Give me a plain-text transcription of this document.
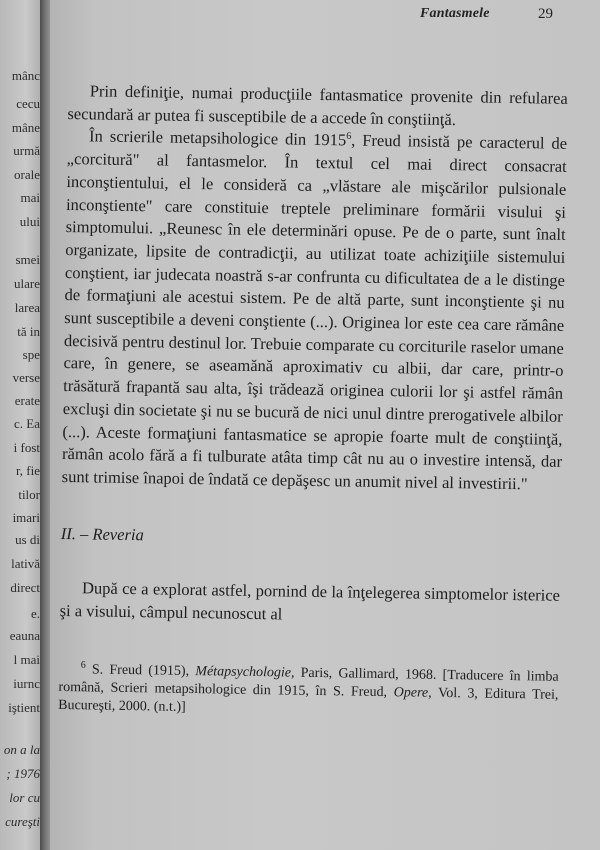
mânc
cecu
mâne
urmă
orale
mai
ului
smei
ulare
larea
tă in
spe
verse
erate
c. Ea
i fost
r, fie
tilor
imari
us di
lativă
direct
e.
eauna
l mai
iurnc
iştient
on a la
; 1976
lor cu
cureşti
Fantasmele	29

Prin definiţie, numai producţiile fantasmatice provenite din refularea secundară ar putea fi susceptibile de a accede în conştiinţă.

În scrierile metapsihologice din 1915$^6$, Freud insistă pe caracterul de „corcitură" al fantasmelor. În textul cel mai direct consacrat inconştientului, el le consideră ca „vlăstare ale mişcărilor pulsionale inconştiente" care constituie treptele preliminare formării visului şi simptomului. „Reunesc în ele determinări opuse. Pe de o parte, sunt înalt organizate, lipsite de contradicţii, au utilizat toate achiziţiile sistemului conştient, iar judecata noastră s-ar confrunta cu dificultatea de a le distinge de formaţiuni ale acestui sistem. Pe de altă parte, sunt inconştiente şi nu sunt susceptibile a deveni conştiente (...). Originea lor este cea care rămâne decisivă pentru destinul lor. Trebuie comparate cu corciturile raselor umane care, în genere, se aseamănă aproximativ cu albii, dar care, printr-o trăsătură frapantă sau alta, îşi trădează originea culorii lor şi astfel rămân excluşi din societate şi nu se bucură de nici unul dintre prerogativele albilor (...). Aceste formaţiuni fantasmatice se apropie foarte mult de conştiinţă, rămân acolo fără a fi tulburate atâta timp cât nu au o investire intensă, dar sunt trimise înapoi de îndată ce depăşesc un anumit nivel al investirii."

II. – Reveria

După ce a explorat astfel, pornind de la înţelegerea simptomelor isterice şi a visului, câmpul necunoscut al

$^6$ S. Freud (1915), Métapsychologie, Paris, Gallimard, 1968. [Traducere în limba română, Scrieri metapsihologice din 1915, în S. Freud, Opere, Vol. 3, Editura Trei, Bucureşti, 2000. (n.t.)]
